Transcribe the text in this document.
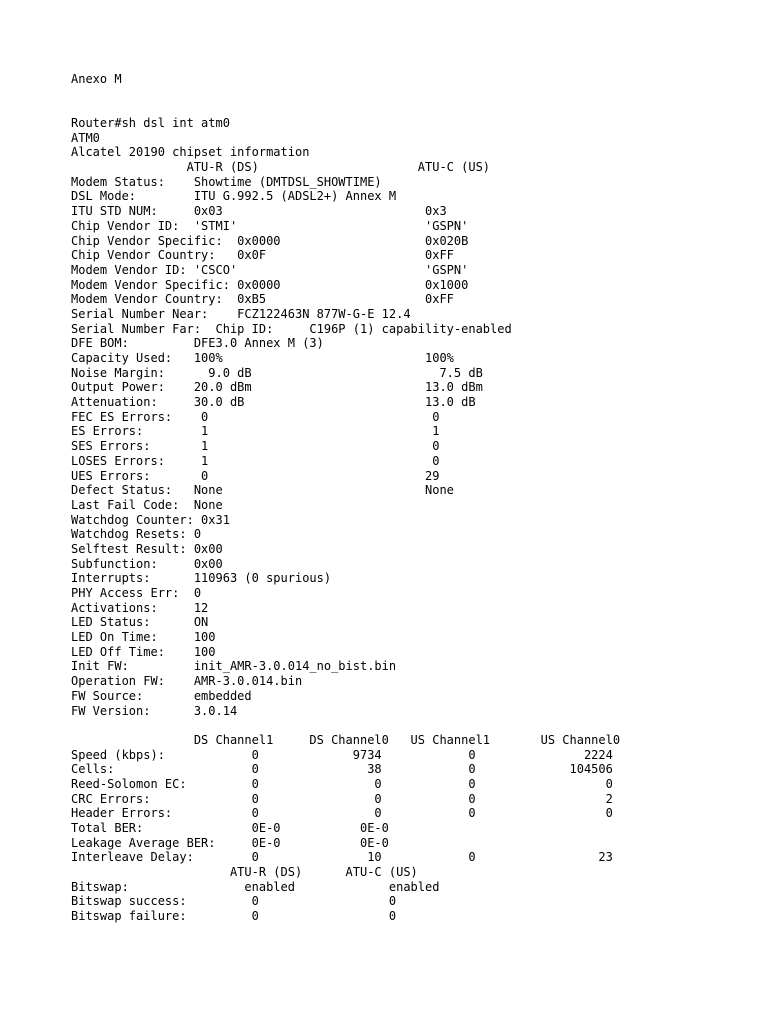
Anexo M
Router#sh dsl int atm0
ATM0
Alcatel 20190 chipset information
ATU-R (DS)                      ATU-C (US)
Modem Status:    Showtime (DMTDSL_SHOWTIME)
DSL Mode:        ITU G.992.5 (ADSL2+) Annex M
ITU STD NUM:     0x03                            0x3
Chip Vendor ID:  'STMI'                          'GSPN'
Chip Vendor Specific:  0x0000                    0x020B
Chip Vendor Country:   0x0F                      0xFF
Modem Vendor ID: 'CSCO'                          'GSPN'
Modem Vendor Specific: 0x0000                    0x1000
Modem Vendor Country:  0xB5                      0xFF
Serial Number Near:    FCZ122463N 877W-G-E 12.4
Serial Number Far:  Chip ID:     C196P (1) capability-enabled
DFE BOM:         DFE3.0 Annex M (3)
Capacity Used:   100%                            100%
Noise Margin:      9.0 dB                          7.5 dB
Output Power:    20.0 dBm                        13.0 dBm
Attenuation:     30.0 dB                         13.0 dB
FEC ES Errors:    0                               0
ES Errors:        1                               1
SES Errors:       1                               0
LOSES Errors:     1                               0
UES Errors:       0                              29
Defect Status:   None                            None
Last Fail Code:  None
Watchdog Counter: 0x31
Watchdog Resets: 0
Selftest Result: 0x00
Subfunction:     0x00
Interrupts:      110963 (0 spurious)
PHY Access Err:  0
Activations:     12
LED Status:      ON
LED On Time:     100
LED Off Time:    100
Init FW:         init_AMR-3.0.014_no_bist.bin
Operation FW:    AMR-3.0.014.bin
FW Source:       embedded
FW Version:      3.0.14
DS Channel1     DS Channel0   US Channel1       US Channel0
Speed (kbps):            0             9734            0               2224
Cells:                   0               38            0             104506
Reed-Solomon EC:         0                0            0                  0
CRC Errors:              0                0            0                  2
Header Errors:           0                0            0                  0
Total BER:               0E-0           0E-0
Leakage Average BER:     0E-0           0E-0
Interleave Delay:        0               10            0                 23
ATU-R (DS)      ATU-C (US)
Bitswap:                enabled             enabled
Bitswap success:         0                  0
Bitswap failure:         0                  0
